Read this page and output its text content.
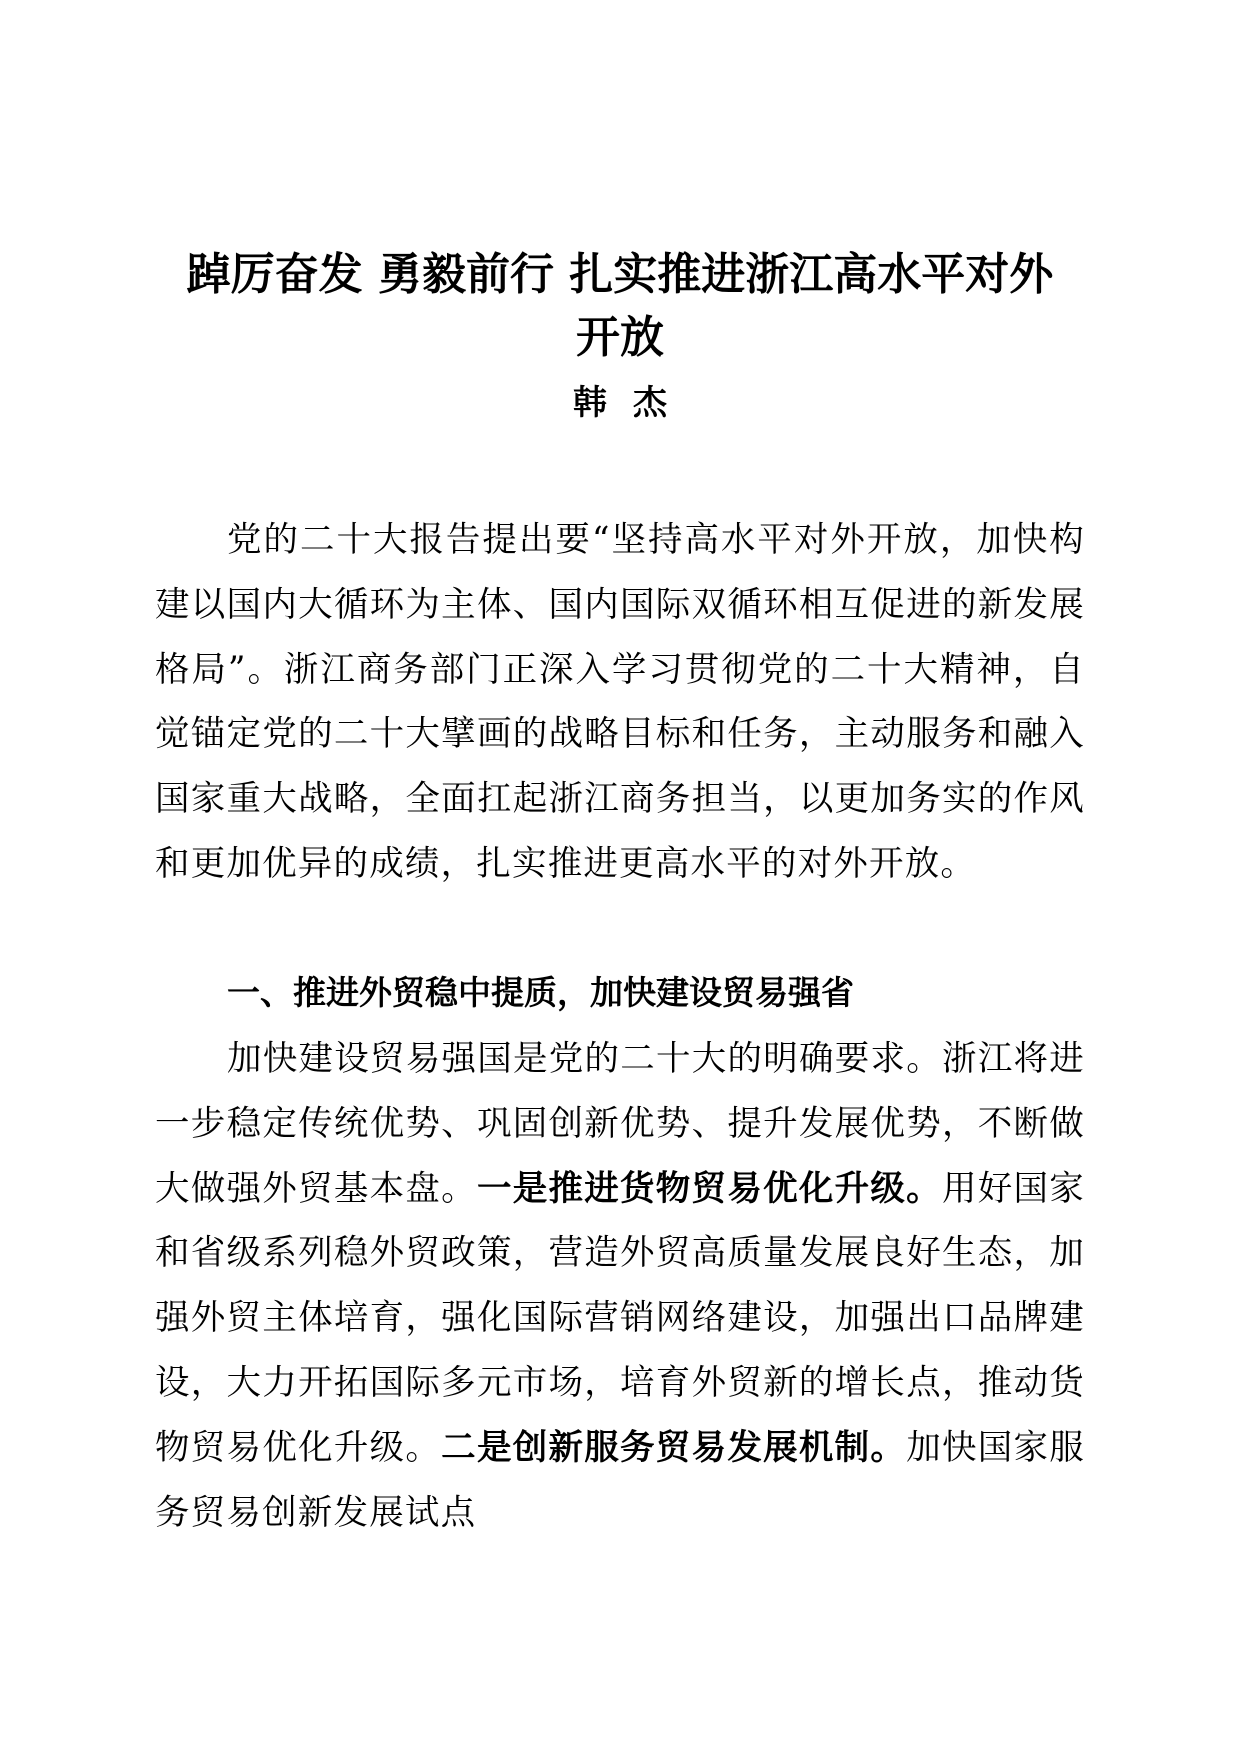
踔厉奋发 勇毅前行 扎实推进浙江高水平对外
开放

韩杰

党的二十大报告提出要“坚持高水平对外开放，加快构建以国内大循环为主体、国内国际双循环相互促进的新发展格局”。浙江商务部门正深入学习贯彻党的二十大精神，自觉锚定党的二十大擘画的战略目标和任务，主动服务和融入国家重大战略，全面扛起浙江商务担当，以更加务实的作风和更加优异的成绩，扎实推进更高水平的对外开放。

一、推进外贸稳中提质，加快建设贸易强省

加快建设贸易强国是党的二十大的明确要求。浙江将进一步稳定传统优势、巩固创新优势、提升发展优势，不断做大做强外贸基本盘。一是推进货物贸易优化升级。用好国家和省级系列稳外贸政策，营造外贸高质量发展良好生态，加强外贸主体培育，强化国际营销网络建设，加强出口品牌建设，大力开拓国际多元市场，培育外贸新的增长点，推动货物贸易优化升级。二是创新服务贸易发展机制。加快国家服务贸易创新发展试点
